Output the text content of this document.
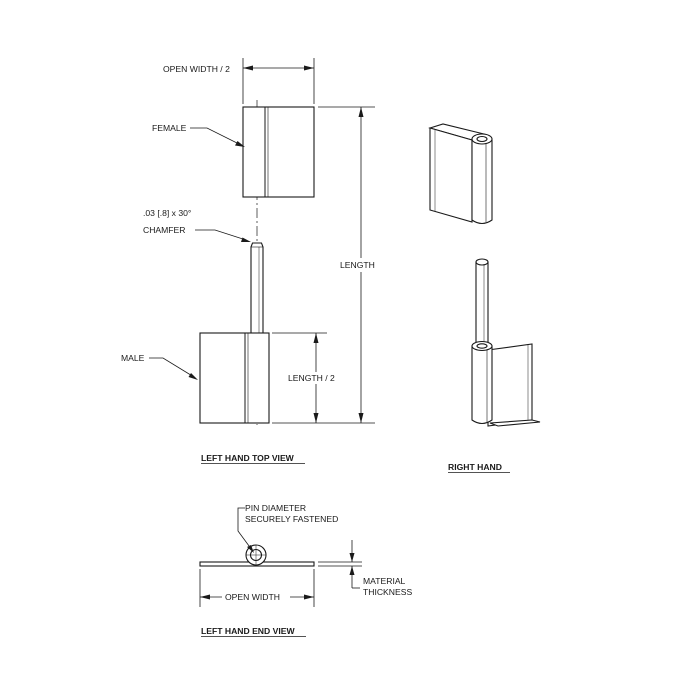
OPEN WIDTH / 2
LENGTH
LENGTH / 2
FEMALE
.03 [.8] x 30°
CHAMFER
MALE
LEFT HAND TOP VIEW
RIGHT HAND
PIN DIAMETER
SECURELY FASTENED
OPEN WIDTH
MATERIAL
THICKNESS
LEFT HAND END VIEW
